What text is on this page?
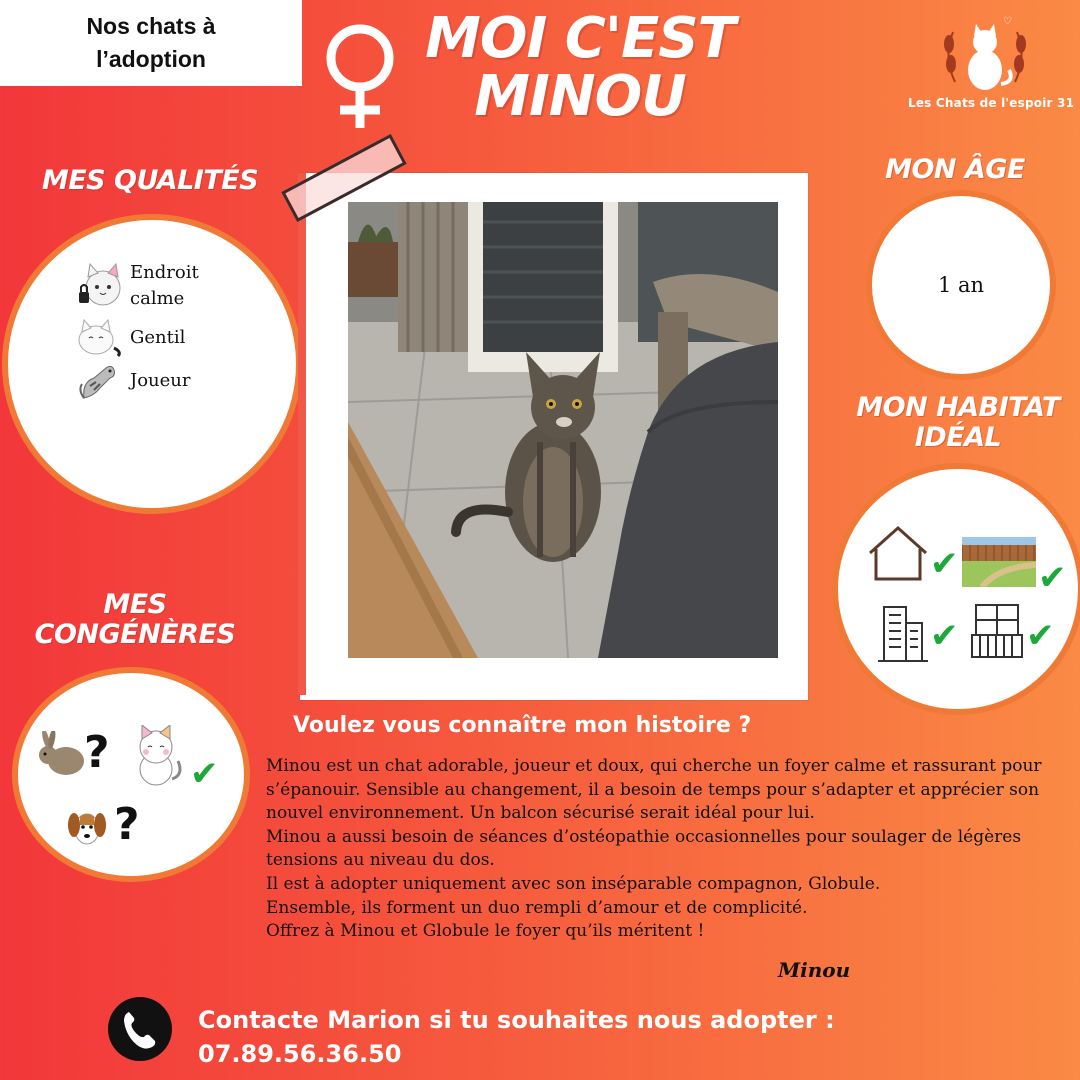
Nos chats à
l’adoption	MOI C'EST
MINOU
♡
Les Chats de l'espoir 31
MES QUALITÉS
Endroit calme
Gentil
Joueur
MON ÂGE
1 an
MON HABITAT
IDÉAL
✔ ✔
✔ ✔
MES
CONGÉNÈRES
? ✔
?
Voulez vous connaître mon histoire ?
Minou est un chat adorable, joueur et doux, qui cherche un foyer calme et rassurant pour s’épanouir. Sensible au changement, il a besoin de temps pour s’adapter et apprécier son nouvel environnement. Un balcon sécurisé serait idéal pour lui.
Minou a aussi besoin de séances d’ostéopathie occasionnelles pour soulager de légères tensions au niveau du dos.
Il est à adopter uniquement avec son inséparable compagnon, Globule.
Ensemble, ils forment un duo rempli d’amour et de complicité.
Offrez à Minou et Globule le foyer qu’ils méritent !
Minou
Contacte Marion si tu souhaites nous adopter :
07.89.56.36.50
